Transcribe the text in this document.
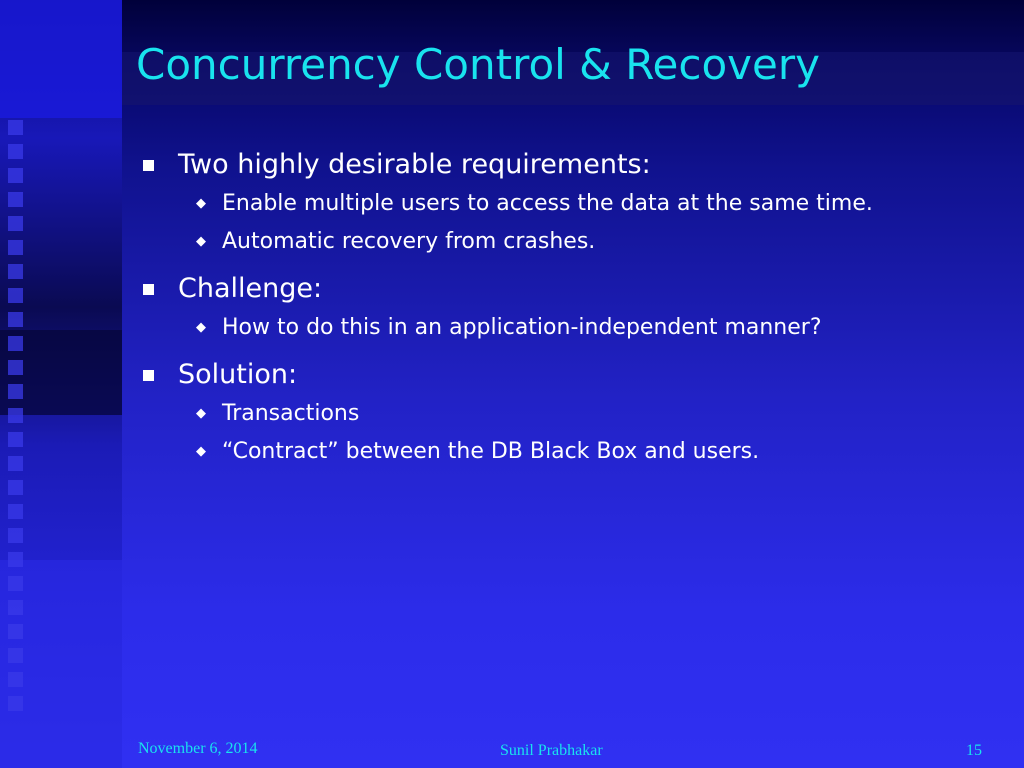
Concurrency Control & Recovery
Two highly desirable requirements:
◆ Enable multiple users to access the data at the same time.
◆ Automatic recovery from crashes.
Challenge:
◆ How to do this in an application-independent manner?
Solution:
◆ Transactions
◆ “Contract” between the DB Black Box and users.
November 6, 2014	Sunil Prabhakar	15
